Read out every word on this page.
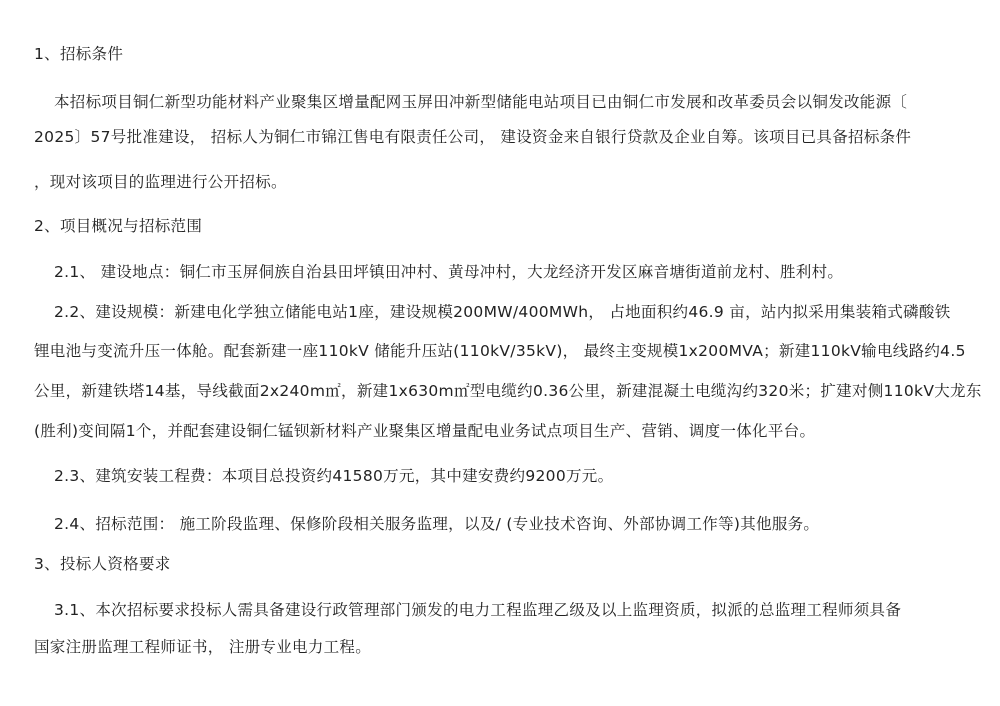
1、招标条件
本招标项目铜仁新型功能材料产业聚集区增量配网玉屏田冲新型储能电站项目已由铜仁市发展和改革委员会以铜发改能源〔
2025〕57号批准建设， 招标人为铜仁市锦江售电有限责任公司， 建设资金来自银行贷款及企业自筹。该项目已具备招标条件
，现对该项目的监理进行公开招标。
2、项目概况与招标范围
2.1、 建设地点：铜仁市玉屏侗族自治县田坪镇田冲村、黄母冲村，大龙经济开发区麻音塘街道前龙村、胜利村。
2.2、建设规模：新建电化学独立储能电站1座，建设规模200MW/400MWh， 占地面积约46.9 亩，站内拟采用集装箱式磷酸铁
锂电池与变流升压一体舱。配套新建一座110kV 储能升压站(110kV/35kV)， 最终主变规模1x200MVA；新建110kV输电线路约4.5
公里，新建铁塔14基，导线截面2x240m㎡，新建1x630m㎡型电缆约0.36公里，新建混凝土电缆沟约320米；扩建对侧110kV大龙东
(胜利)变间隔1个，并配套建设铜仁锰钡新材料产业聚集区增量配电业务试点项目生产、营销、调度一体化平台。
2.3、建筑安装工程费：本项目总投资约41580万元，其中建安费约9200万元。
2.4、招标范围： 施工阶段监理、保修阶段相关服务监理，以及/ (专业技术咨询、外部协调工作等)其他服务。
3、投标人资格要求
3.1、本次招标要求投标人需具备建设行政管理部门颁发的电力工程监理乙级及以上监理资质，拟派的总监理工程师须具备
国家注册监理工程师证书， 注册专业电力工程。
